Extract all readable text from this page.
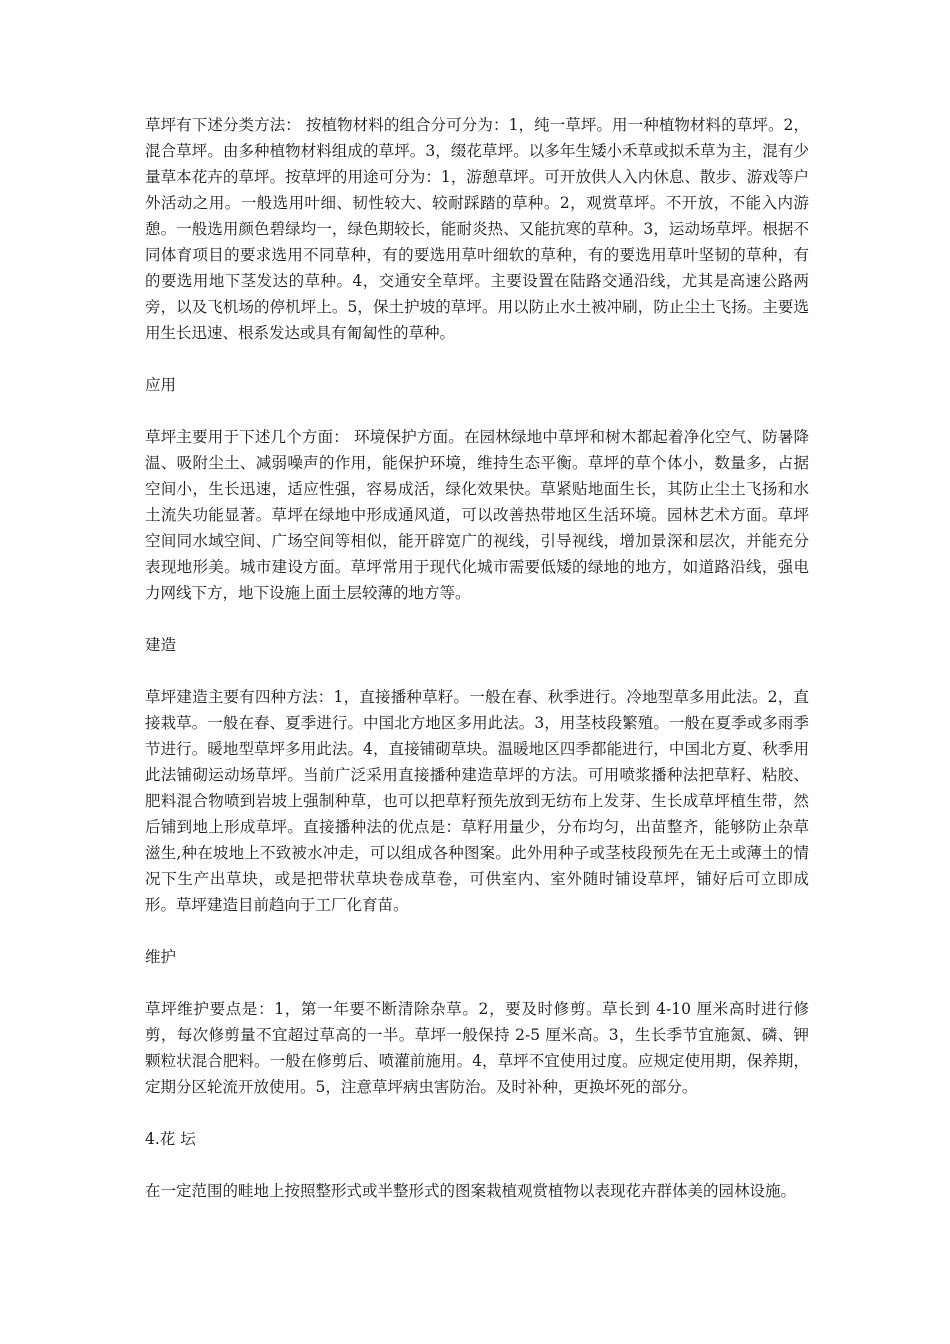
草坪有下述分类方法： 按植物材料的组合分可分为：1，纯一草坪。用一种植物材料的草坪。2，混合草坪。由多种植物材料组成的草坪。3，缀花草坪。以多年生矮小禾草或拟禾草为主，混有少量草本花卉的草坪。按草坪的用途可分为：1，游憩草坪。可开放供人入内休息、散步、游戏等户外活动之用。一般选用叶细、韧性较大、较耐踩踏的草种。2，观赏草坪。不开放，不能入内游憩。一般选用颜色碧绿均一，绿色期较长，能耐炎热、又能抗寒的草种。3，运动场草坪。根据不同体育项目的要求选用不同草种，有的要选用草叶细软的草种，有的要选用草叶坚韧的草种，有的要选用地下茎发达的草种。4，交通安全草坪。主要设置在陆路交通沿线，尤其是高速公路两旁，以及飞机场的停机坪上。5，保土护坡的草坪。用以防止水土被冲刷，防止尘土飞扬。主要选用生长迅速、根系发达或具有匍匐性的草种。

应用

草坪主要用于下述几个方面： 环境保护方面。在园林绿地中草坪和树木都起着净化空气、防暑降温、吸附尘土、减弱噪声的作用，能保护环境，维持生态平衡。草坪的草个体小，数量多，占据空间小，生长迅速，适应性强，容易成活，绿化效果快。草紧贴地面生长，其防止尘土飞扬和水土流失功能显著。草坪在绿地中形成通风道，可以改善热带地区生活环境。园林艺术方面。草坪空间同水域空间、广场空间等相似，能开辟宽广的视线，引导视线，增加景深和层次，并能充分表现地形美。城市建设方面。草坪常用于现代化城市需要低矮的绿地的地方，如道路沿线，强电力网线下方，地下设施上面土层较薄的地方等。

建造

草坪建造主要有四种方法：1，直接播种草籽。一般在春、秋季进行。冷地型草多用此法。2，直接栽草。一般在春、夏季进行。中国北方地区多用此法。3，用茎枝段繁殖。一般在夏季或多雨季节进行。暖地型草坪多用此法。4，直接铺砌草块。温暖地区四季都能进行，中国北方夏、秋季用此法铺砌运动场草坪。当前广泛采用直接播种建造草坪的方法。可用喷浆播种法把草籽、粘胶、肥料混合物喷到岩坡上强制种草，也可以把草籽预先放到无纺布上发芽、生长成草坪植生带，然后铺到地上形成草坪。直接播种法的优点是：草籽用量少，分布均匀，出苗整齐，能够防止杂草滋生,种在坡地上不致被水冲走，可以组成各种图案。此外用种子或茎枝段预先在无土或薄土的情况下生产出草块，或是把带状草块卷成草卷，可供室内、室外随时铺设草坪，铺好后可立即成形。草坪建造目前趋向于工厂化育苗。

维护

草坪维护要点是：1，第一年要不断清除杂草。2，要及时修剪。草长到 4-10 厘米高时进行修剪，每次修剪量不宜超过草高的一半。草坪一般保持 2-5 厘米高。3，生长季节宜施氮、磷、钾颗粒状混合肥料。一般在修剪后、喷灌前施用。4，草坪不宜使用过度。应规定使用期，保养期，定期分区轮流开放使用。5，注意草坪病虫害防治。及时补种，更换坏死的部分。

4.花 坛

在一定范围的畦地上按照整形式或半整形式的图案栽植观赏植物以表现花卉群体美的园林设施。
